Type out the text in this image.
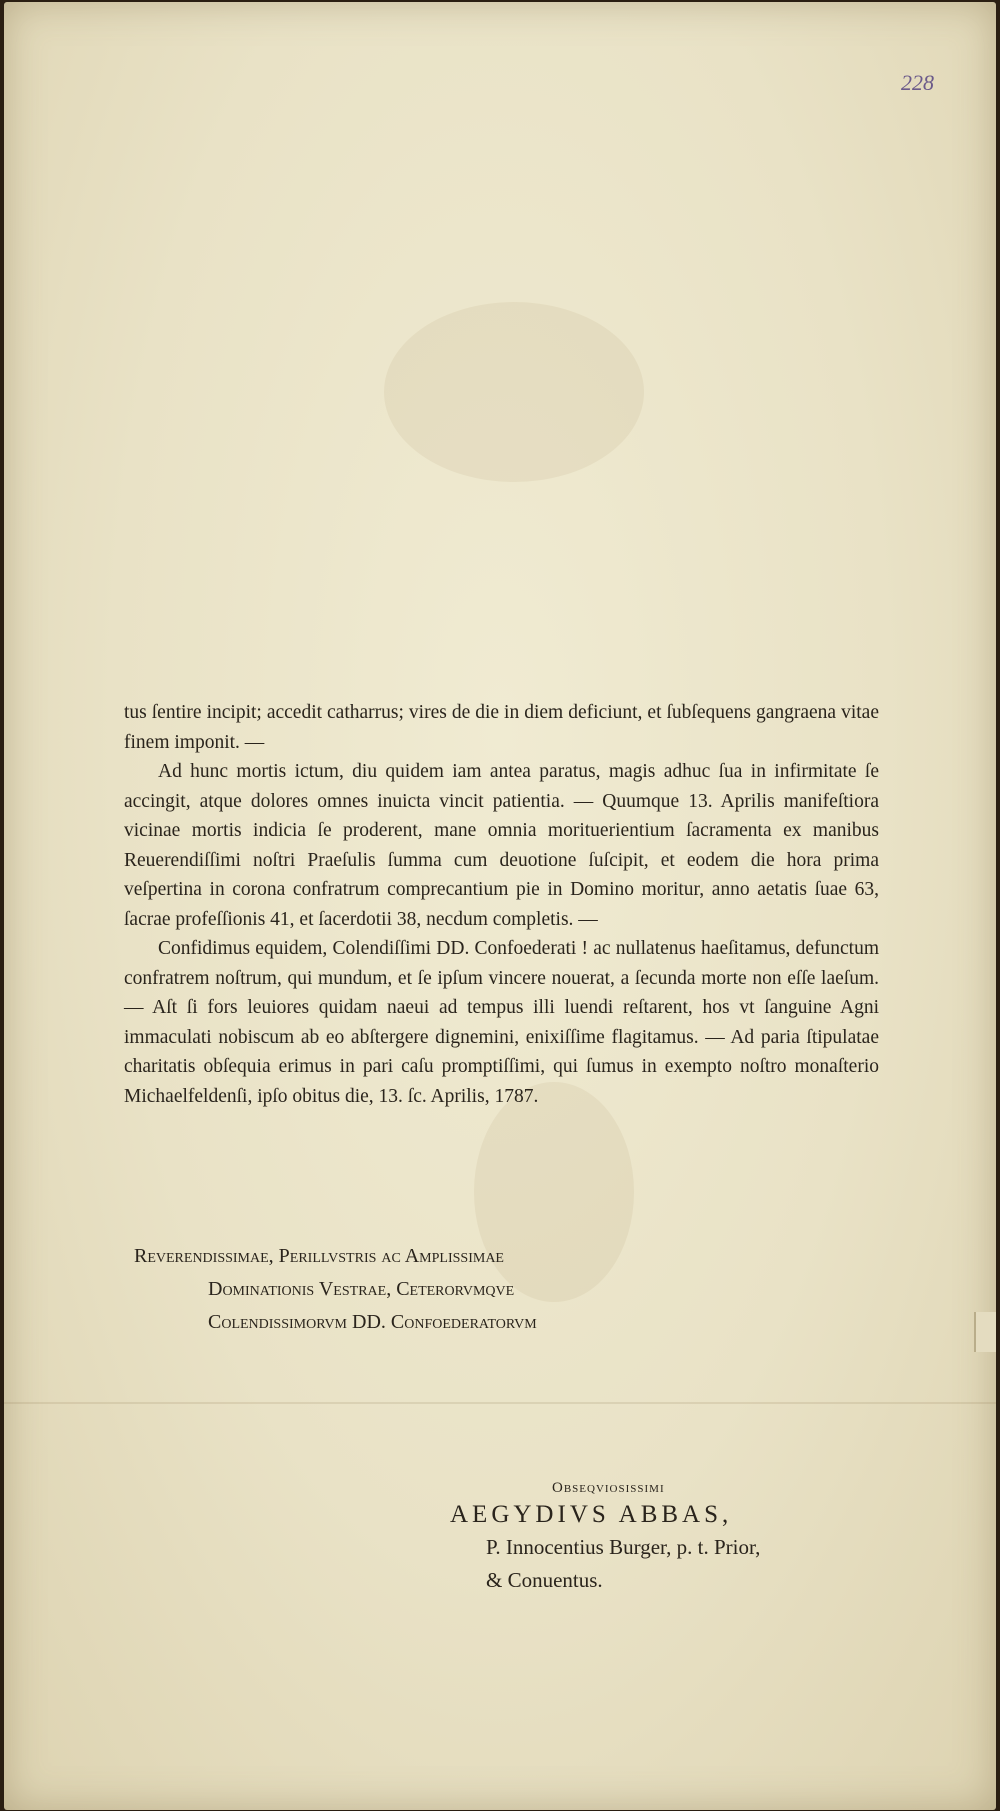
228

tus ſentire incipit; accedit catharrus; vires de die in diem deficiunt, et ſubſequens gangraena vitae finem imponit. —

Ad hunc mortis ictum, diu quidem iam antea paratus, magis adhuc ſua in infirmitate ſe accingit, atque dolores omnes inuicta vincit patientia. — Quumque 13. Aprilis manifeſtiora vicinae mortis indicia ſe proderent, mane omnia morituerientium ſacramenta ex manibus Reuerendiſſimi noſtri Praeſulis ſumma cum deuotione ſuſcipit, et eodem die hora prima veſpertina in corona confratrum comprecantium pie in Domino moritur, anno aetatis ſuae 63, ſacrae profeſſionis 41, et ſacerdotii 38, necdum completis. —

Confidimus equidem, Colendiſſimi DD. Confoederati ! ac nullatenus haeſitamus, defunctum confratrem noſtrum, qui mundum, et ſe ipſum vincere nouerat, a ſecunda morte non eſſe laeſum. — Aſt ſi fors leuiores quidam naeui ad tempus illi luendi reſtarent, hos vt ſanguine Agni immaculati nobiscum ab eo abſtergere dignemini, enixiſſime flagitamus. — Ad paria ſtipulatae charitatis obſequia erimus in pari caſu promptiſſimi, qui ſumus in exempto noſtro monaſterio Michaelfeldenſi, ipſo obitus die, 13. ſc. Aprilis, 1787.

Reverendissimae, Perillvstris ac Amplissimae
Dominationis Vestrae, Ceterorvmqve
Colendissimorvm DD. Confoederatorvm
Obseqviosissimi
AEGYDIVS ABBAS,
P. Innocentius Burger, p. t. Prior,
& Conuentus.
